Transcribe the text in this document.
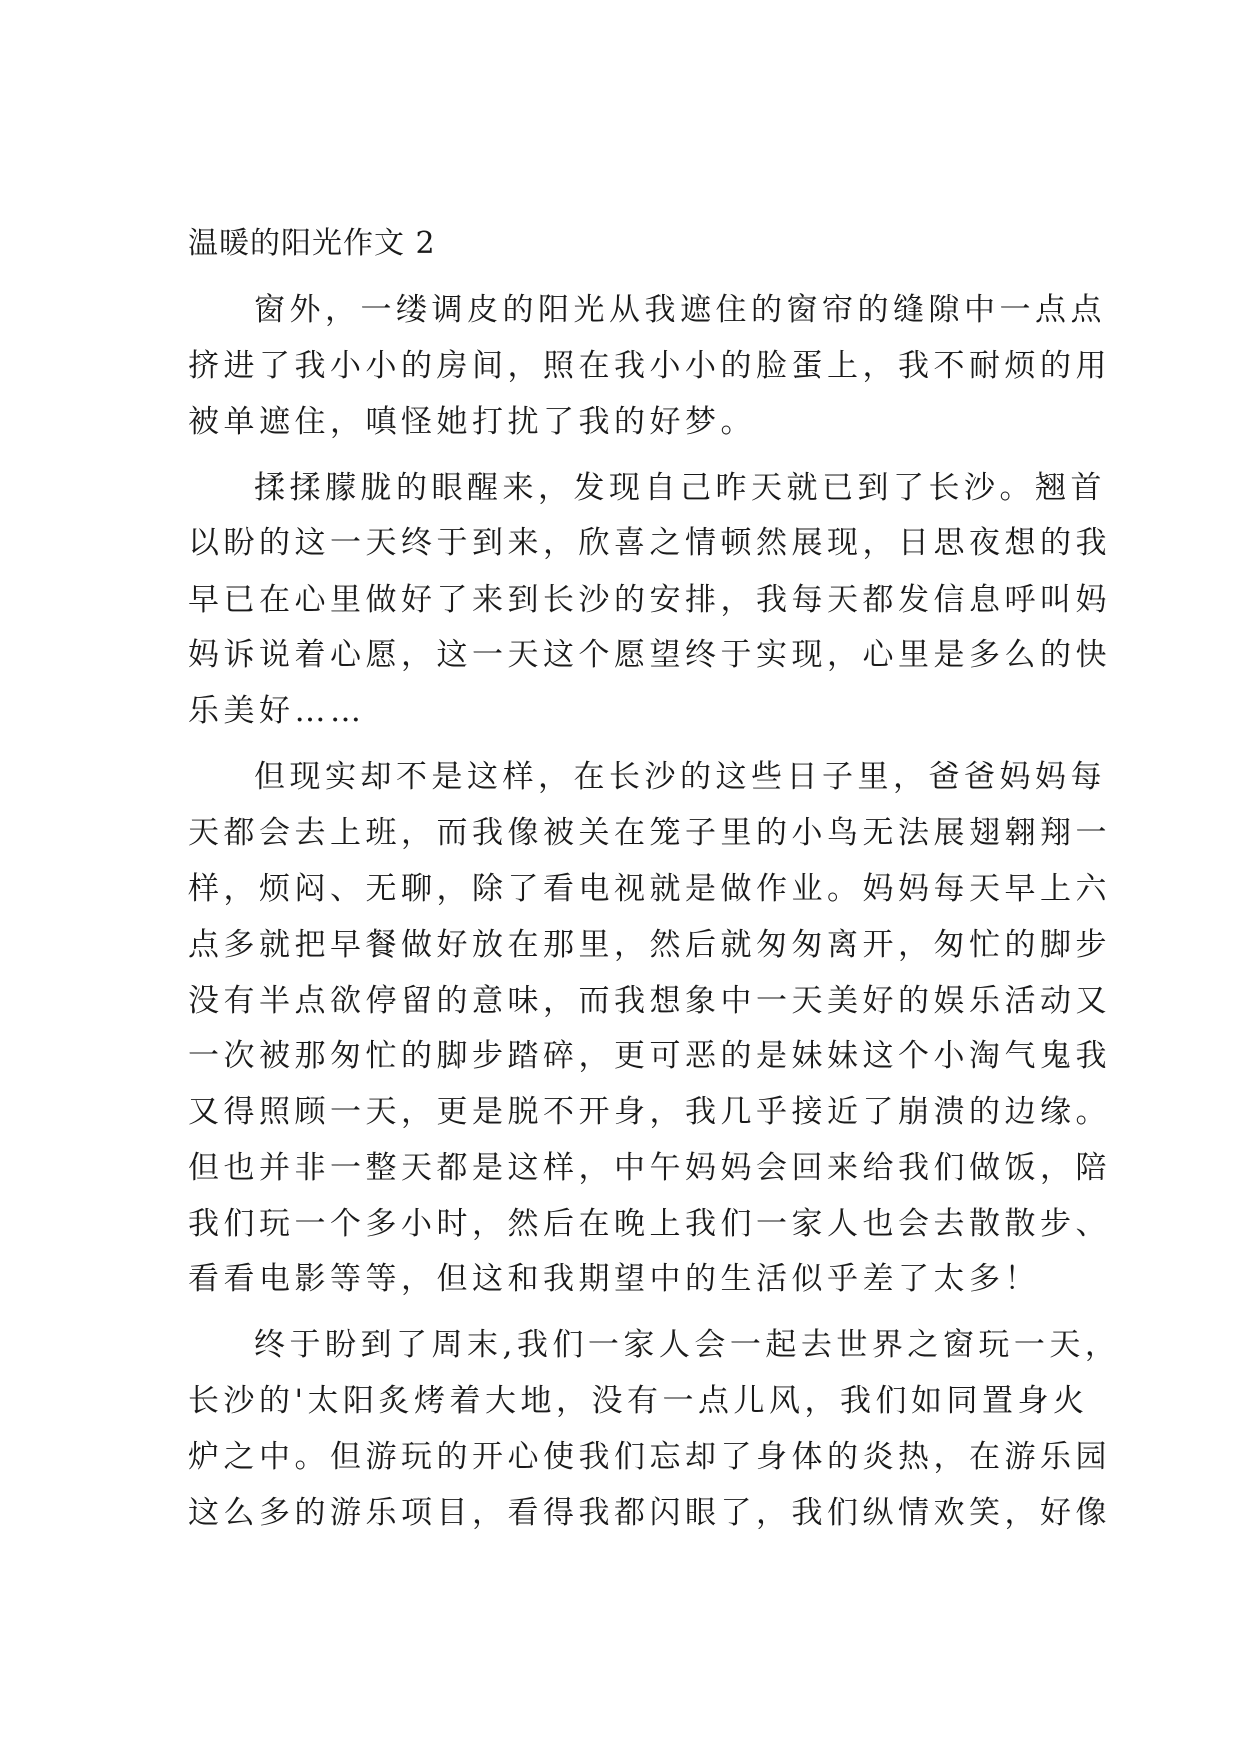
温暖的阳光作文 2
窗外，一缕调皮的阳光从我遮住的窗帘的缝隙中一点点
挤进了我小小的房间，照在我小小的脸蛋上，我不耐烦的用
被单遮住，嗔怪她打扰了我的好梦。
揉揉朦胧的眼醒来，发现自己昨天就已到了长沙。翘首
以盼的这一天终于到来，欣喜之情顿然展现，日思夜想的我
早已在心里做好了来到长沙的安排，我每天都发信息呼叫妈
妈诉说着心愿，这一天这个愿望终于实现，心里是多么的快
乐美好……
但现实却不是这样，在长沙的这些日子里，爸爸妈妈每
天都会去上班，而我像被关在笼子里的小鸟无法展翅翱翔一
样，烦闷、无聊，除了看电视就是做作业。妈妈每天早上六
点多就把早餐做好放在那里，然后就匆匆离开，匆忙的脚步
没有半点欲停留的意味，而我想象中一天美好的娱乐活动又
一次被那匆忙的脚步踏碎，更可恶的是妹妹这个小淘气鬼我
又得照顾一天，更是脱不开身，我几乎接近了崩溃的边缘。
但也并非一整天都是这样，中午妈妈会回来给我们做饭，陪
我们玩一个多小时，然后在晚上我们一家人也会去散散步、
看看电影等等，但这和我期望中的生活似乎差了太多！
终于盼到了周末,我们一家人会一起去世界之窗玩一天，
长沙的'太阳炙烤着大地，没有一点儿风，我们如同置身火
炉之中。但游玩的开心使我们忘却了身体的炎热，在游乐园
这么多的游乐项目，看得我都闪眼了，我们纵情欢笑，好像
